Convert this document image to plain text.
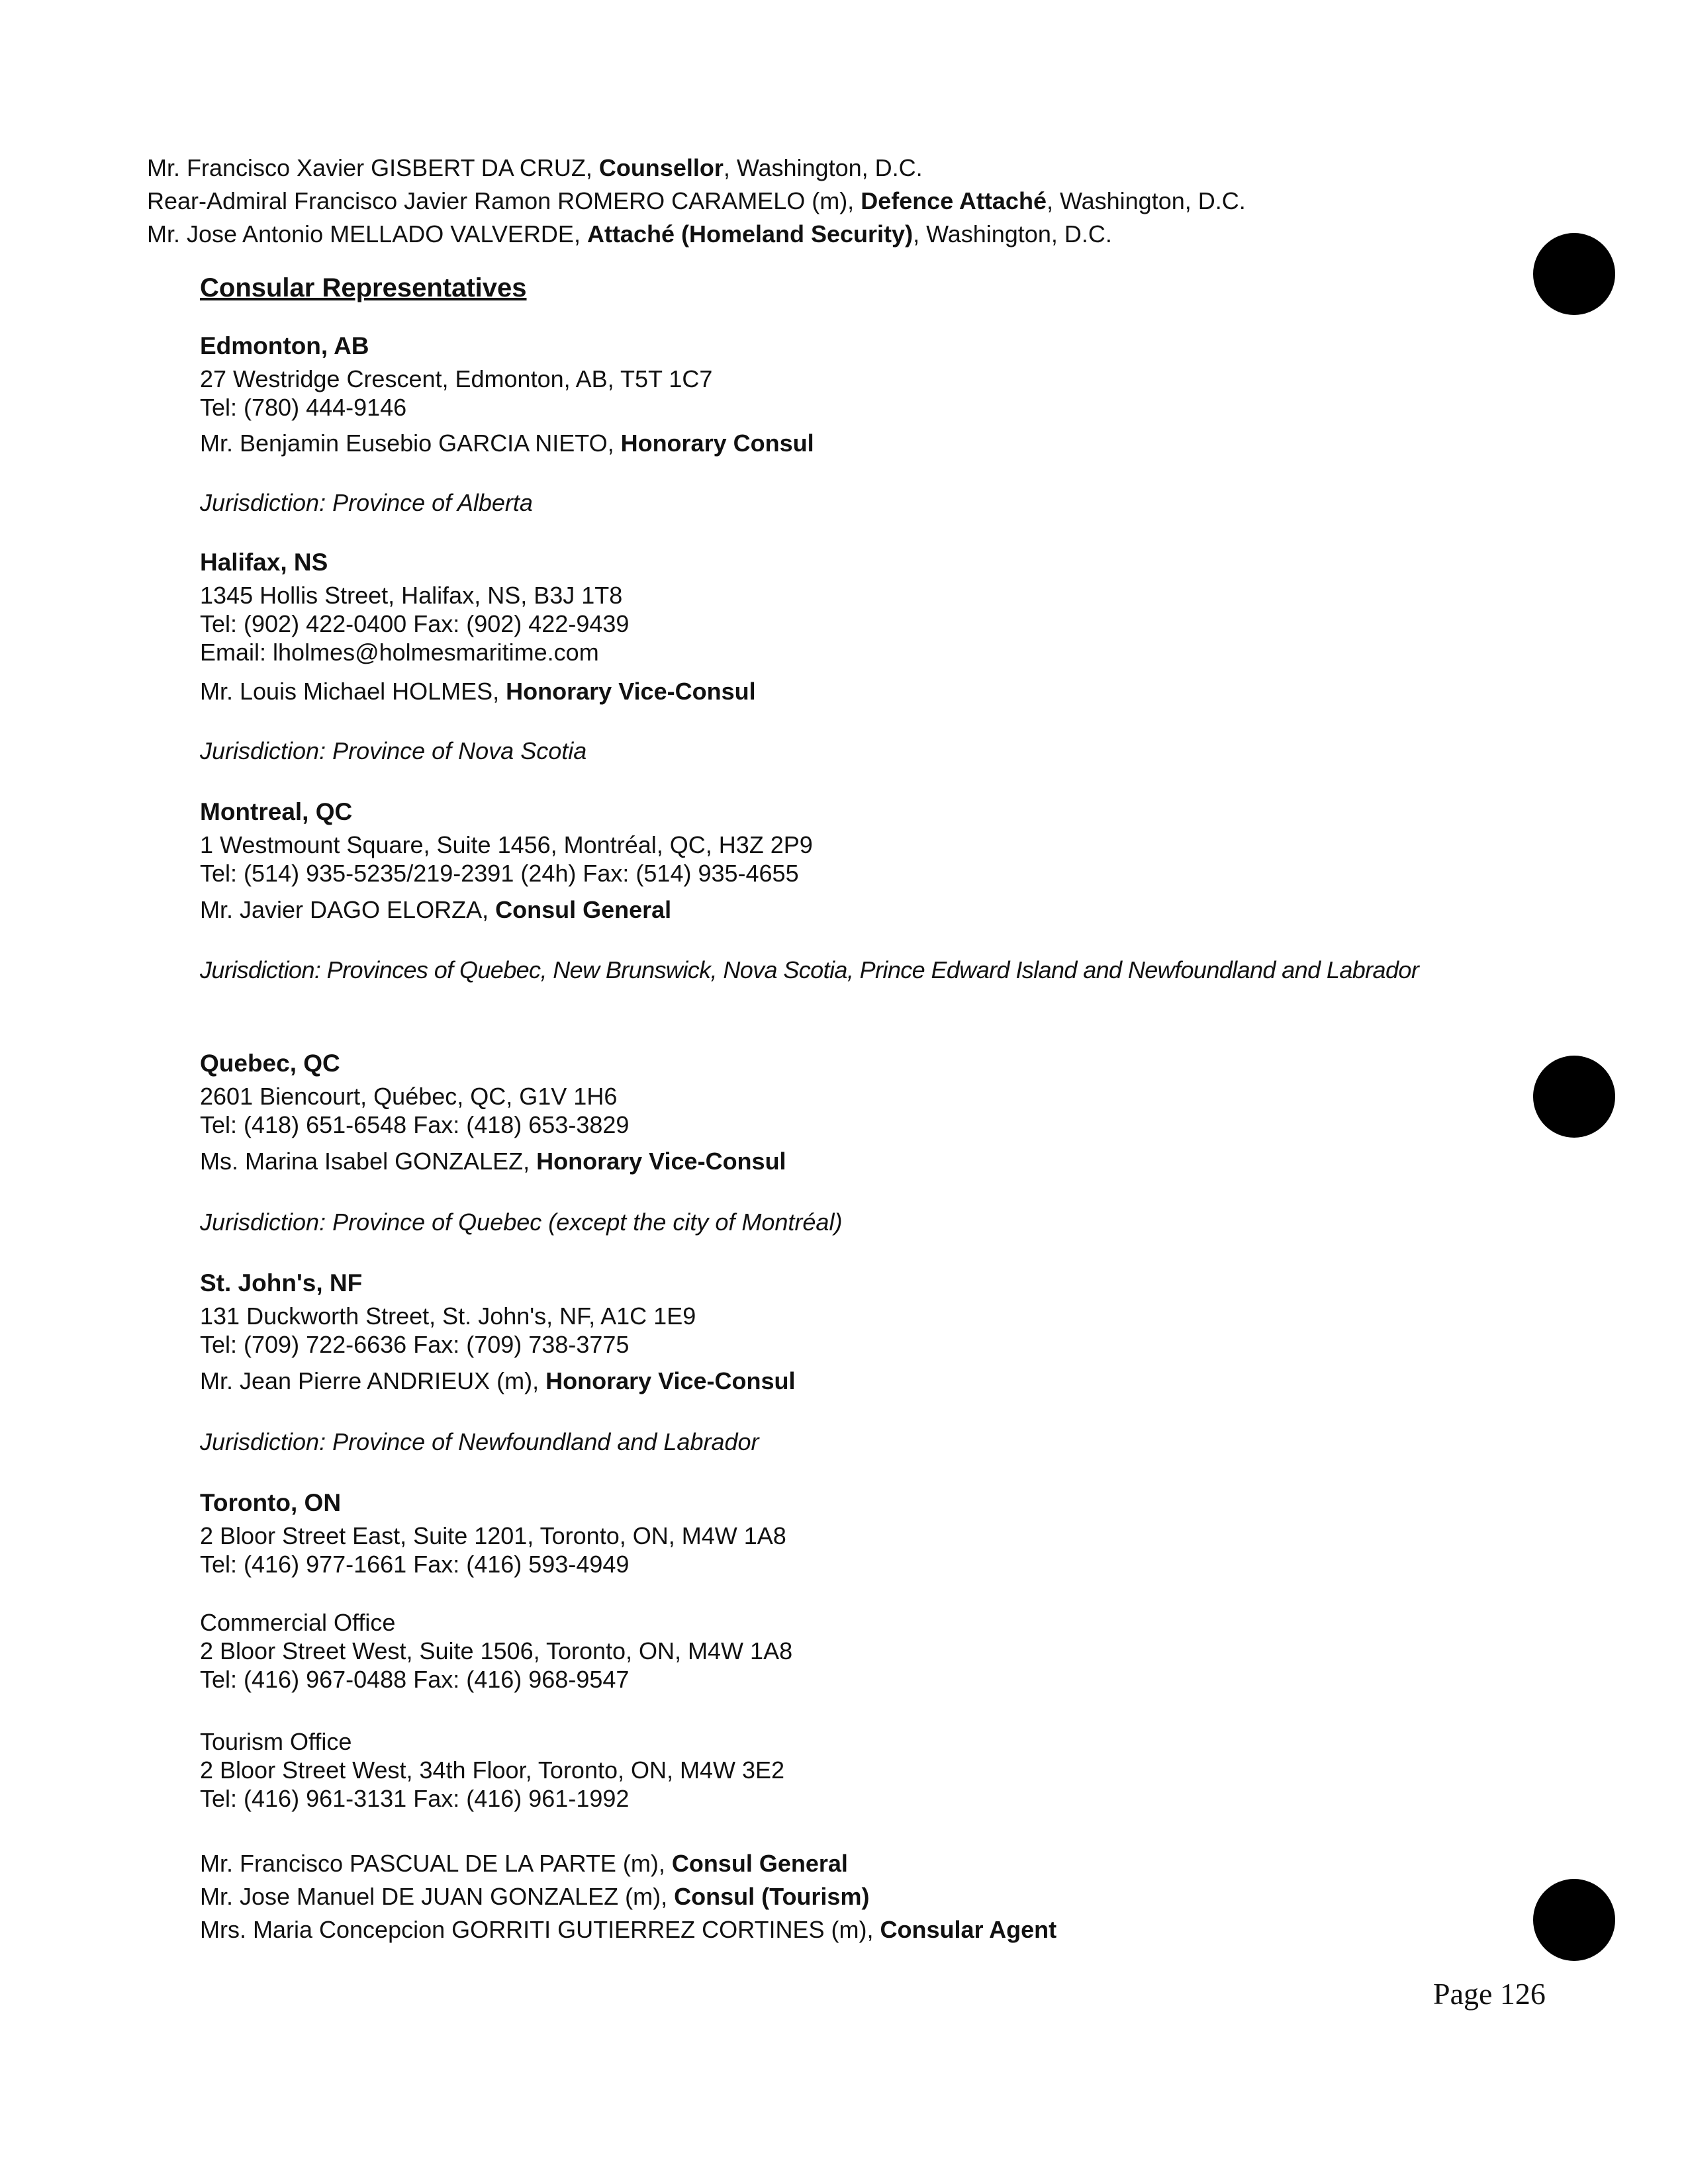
Mr. Francisco Xavier GISBERT DA CRUZ, Counsellor, Washington, D.C.

Rear-Admiral Francisco Javier Ramon ROMERO CARAMELO (m), Defence Attaché, Washington, D.C.

Mr. Jose Antonio MELLADO VALVERDE, Attaché (Homeland Security), Washington, D.C.

Consular Representatives

Edmonton, AB

27 Westridge Crescent, Edmonton, AB, T5T 1C7

Tel: (780) 444-9146

Mr. Benjamin Eusebio GARCIA NIETO, Honorary Consul

Jurisdiction: Province of Alberta

Halifax, NS

1345 Hollis Street, Halifax, NS, B3J 1T8

Tel: (902) 422-0400 Fax: (902) 422-9439

Email: lholmes@holmesmaritime.com

Mr. Louis Michael HOLMES, Honorary Vice-Consul

Jurisdiction: Province of Nova Scotia

Montreal, QC

1 Westmount Square, Suite 1456, Montréal, QC, H3Z 2P9

Tel: (514) 935-5235/219-2391 (24h) Fax: (514) 935-4655

Mr. Javier DAGO ELORZA, Consul General

Jurisdiction: Provinces of Quebec, New Brunswick, Nova Scotia, Prince Edward Island and Newfoundland and Labrador

Quebec, QC

2601 Biencourt, Québec, QC, G1V 1H6

Tel: (418) 651-6548 Fax: (418) 653-3829

Ms. Marina Isabel GONZALEZ, Honorary Vice-Consul

Jurisdiction: Province of Quebec (except the city of Montréal)

St. John's, NF

131 Duckworth Street, St. John's, NF, A1C 1E9

Tel: (709) 722-6636 Fax: (709) 738-3775

Mr. Jean Pierre ANDRIEUX (m), Honorary Vice-Consul

Jurisdiction: Province of Newfoundland and Labrador

Toronto, ON

2 Bloor Street East, Suite 1201, Toronto, ON, M4W 1A8

Tel: (416) 977-1661 Fax: (416) 593-4949

Commercial Office

2 Bloor Street West, Suite 1506, Toronto, ON, M4W 1A8

Tel: (416) 967-0488 Fax: (416) 968-9547

Tourism Office

2 Bloor Street West, 34th Floor, Toronto, ON, M4W 3E2

Tel: (416) 961-3131 Fax: (416) 961-1992

Mr. Francisco PASCUAL DE LA PARTE (m), Consul General

Mr. Jose Manuel DE JUAN GONZALEZ (m), Consul (Tourism)

Mrs. Maria Concepcion GORRITI GUTIERREZ CORTINES (m), Consular Agent

Page 126
